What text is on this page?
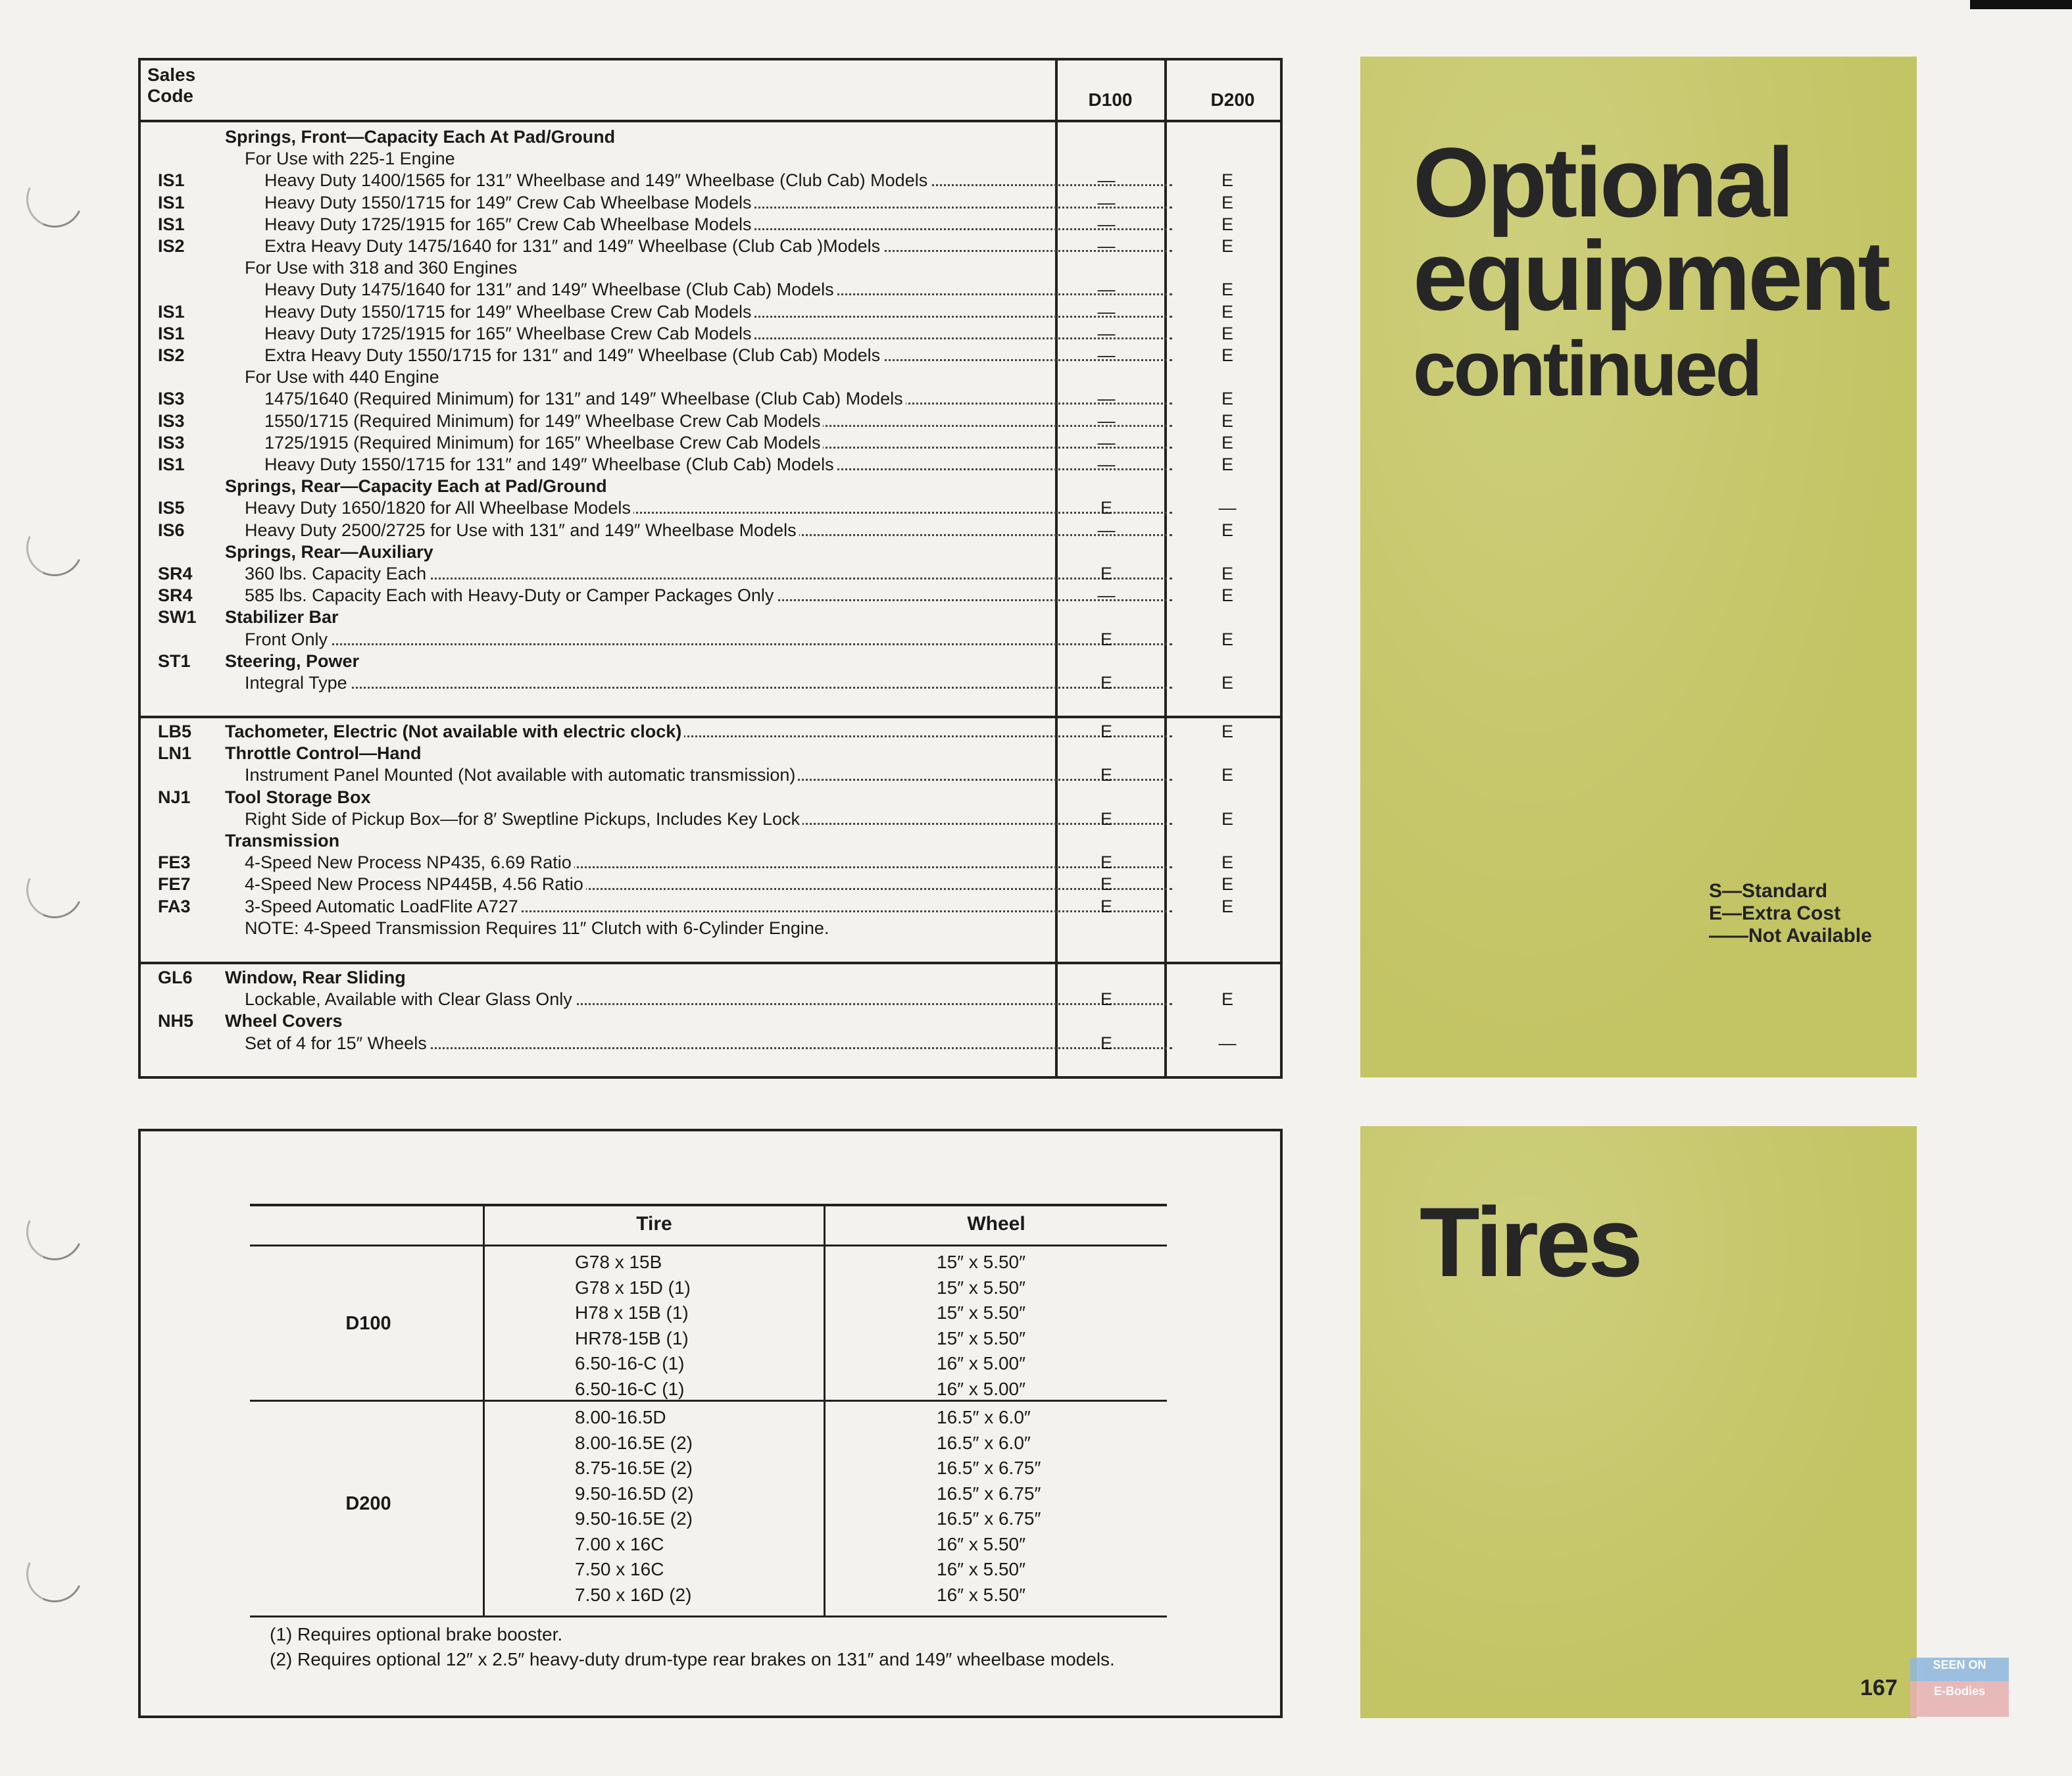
Sales Code	D100	D200
Springs, Front—Capacity Each At Pad/Ground
For Use with 225-1 Engine
IS1	Heavy Duty 1400/1565 for 131″ Wheelbase and 149″ Wheelbase (Club Cab) Models	—	E
IS1	Heavy Duty 1550/1715 for 149″ Crew Cab Wheelbase Models	—	E
IS1	Heavy Duty 1725/1915 for 165″ Crew Cab Wheelbase Models	—	E
IS2	Extra Heavy Duty 1475/1640 for 131″ and 149″ Wheelbase (Club Cab )Models	—	E
For Use with 318 and 360 Engines
Heavy Duty 1475/1640 for 131″ and 149″ Wheelbase (Club Cab) Models	—	E
IS1	Heavy Duty 1550/1715 for 149″ Wheelbase Crew Cab Models	—	E
IS1	Heavy Duty 1725/1915 for 165″ Wheelbase Crew Cab Models	—	E
IS2	Extra Heavy Duty 1550/1715 for 131″ and 149″ Wheelbase (Club Cab) Models	—	E
For Use with 440 Engine
IS3	1475/1640 (Required Minimum) for 131″ and 149″ Wheelbase (Club Cab) Models	—	E
IS3	1550/1715 (Required Minimum) for 149″ Wheelbase Crew Cab Models	—	E
IS3	1725/1915 (Required Minimum) for 165″ Wheelbase Crew Cab Models	—	E
IS1	Heavy Duty 1550/1715 for 131″ and 149″ Wheelbase (Club Cab) Models	—	E
Springs, Rear—Capacity Each at Pad/Ground
IS5	Heavy Duty 1650/1820 for All Wheelbase Models	E	—
IS6	Heavy Duty 2500/2725 for Use with 131″ and 149″ Wheelbase Models	—	E
Springs, Rear—Auxiliary
SR4	360 lbs. Capacity Each	E	E
SR4	585 lbs. Capacity Each with Heavy-Duty or Camper Packages Only	—	E
SW1 Stabilizer Bar
Front Only	E	E
ST1 Steering, Power
Integral Type	E	E
LB5 Tachometer, Electric (Not available with electric clock)	E	E
LN1 Throttle Control—Hand
Instrument Panel Mounted (Not available with automatic transmission)	E	E
NJ1 Tool Storage Box
Right Side of Pickup Box—for 8′ Sweptline Pickups, Includes Key Lock	E	E
Transmission
FE3	4-Speed New Process NP435, 6.69 Ratio	E	E
FE7	4-Speed New Process NP445B, 4.56 Ratio	E	E
FA3	3-Speed Automatic LoadFlite A727	E	E
NOTE: 4-Speed Transmission Requires 11″ Clutch with 6-Cylinder Engine.
GL6 Window, Rear Sliding
Lockable, Available with Clear Glass Only	E	E
NH5 Wheel Covers
Set of 4 for 15″ Wheels	E	—
Optional
equipment
continued
S—Standard
E—Extra Cost
——Not Available
Tires
167
SEEN ON
E-Bodies
Tire	Wheel
D100
G78 x 15B	15″ x 5.50″
G78 x 15D (1)	15″ x 5.50″
H78 x 15B (1)	15″ x 5.50″
HR78-15B (1)	15″ x 5.50″
6.50-16-C (1)	16″ x 5.00″
6.50-16-C (1)	16″ x 5.00″
D200
8.00-16.5D	16.5″ x 6.0″
8.00-16.5E (2)	16.5″ x 6.0″
8.75-16.5E (2)	16.5″ x 6.75″
9.50-16.5D (2)	16.5″ x 6.75″
9.50-16.5E (2)	16.5″ x 6.75″
7.00 x 16C	16″ x 5.50″
7.50 x 16C	16″ x 5.50″
7.50 x 16D (2)	16″ x 5.50″
(1) Requires optional brake booster.
(2) Requires optional 12″ x 2.5″ heavy-duty drum-type rear brakes on 131″ and 149″ wheelbase models.
